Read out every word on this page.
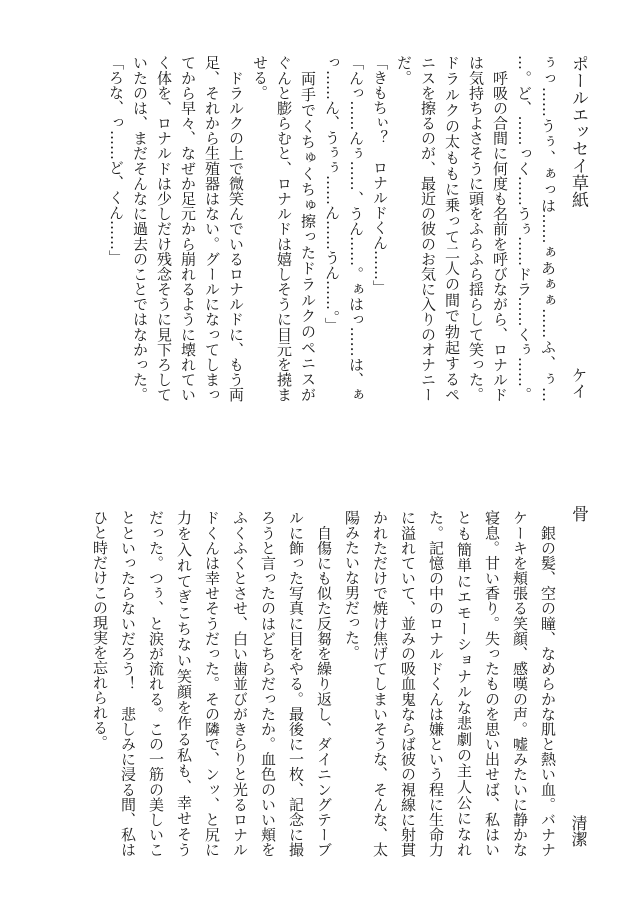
ポールエッセイ草紙
ケイ
ぅっ……うぅ、ぁっは……ぁあぁぁ……ふ、ぅ…
…。ど、……っく……うぅ……ドラ……くぅ……。
　呼吸の合間に何度も名前を呼びながら、ロナルド
は気持ちよさそうに頭をふらふら揺らして笑った。
ドラルクの太ももに乗って二人の間で勃起するペ
ニスを擦るのが、最近の彼のお気に入りのオナニー
だ。
「きもちぃ？　ロナルドくん……」
「んっ……んぅ……、うん……。ぁはっ……は、ぁ
っ……ん、うぅぅ……ん……うん……。」
　両手でくちゅくちゅ擦ったドラルクのペニスが
ぐんと膨らむと、ロナルドは嬉しそうに目元を撓ま
せる。
　ドラルクの上で微笑んでいるロナルドに、もう両
足、それから生殖器はない。グールになってしまっ
てから早々、なぜか足元から崩れるように壊れてい
く体を、ロナルドは少しだけ残念そうに見下ろして
いたのは、まだそんなに過去のことではなかった。
「ろな、っ……ど、くん……」
骨
清潔
　銀の髪、空の瞳、なめらかな肌と熱い血。バナナ
ケーキを頬張る笑顔、感嘆の声。嘘みたいに静かな
寝息。甘い香り。失ったものを思い出せば、私はい
とも簡単にエモーショナルな悲劇の主人公になれ
た。記憶の中のロナルドくんは嫌という程に生命力
に溢れていて、並みの吸血鬼ならば彼の視線に射貫
かれただけで焼け焦げてしまいそうな、そんな、太
陽みたいな男だった。
　自傷にも似た反芻を繰り返し、ダイニングテーブ
ルに飾った写真に目をやる。最後に一枚、記念に撮
ろうと言ったのはどちらだったか。血色のいい頬を
ふくふくとさせ、白い歯並びがきらりと光るロナル
ドくんは幸せそうだった。その隣で、ンッ、と尻に
力を入れてぎこちない笑顔を作る私も、幸せそう
だった。つぅ、と涙が流れる。この一筋の美しいこ
とといったらないだろう！　悲しみに浸る間、私は
ひと時だけこの現実を忘れられる。
